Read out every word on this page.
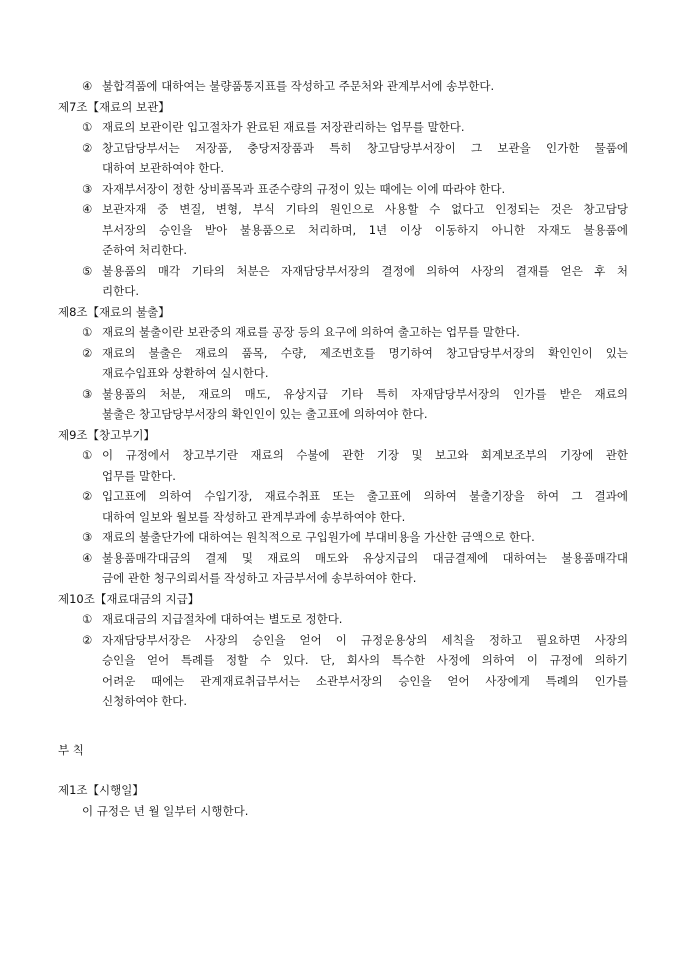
④ 불합격품에 대하여는 불량품통지표를 작성하고 주문처와 관계부서에 송부한다.
제7조【재료의 보관】
① 재료의 보관이란 입고절차가 완료된 재료를 저장관리하는 업무를 말한다.
② 창고담당부서는 저장품, 충당저장품과 특히 창고담당부서장이 그 보관을 인가한 물품에
대하여 보관하여야 한다.
③ 자재부서장이 정한 상비품목과 표준수량의 규정이 있는 때에는 이에 따라야 한다.
④ 보관자재 중 변질, 변형, 부식 기타의 원인으로 사용할 수 없다고 인정되는 것은 창고담당
부서장의 승인을 받아 불용품으로 처리하며, 1년 이상 이동하지 아니한 자재도 불용품에
준하여 처리한다.
⑤ 불용품의 매각 기타의 처분은 자재담당부서장의 결정에 의하여 사장의 결재를 얻은 후 처
리한다.
제8조【재료의 불출】
① 재료의 불출이란 보관중의 재료를 공장 등의 요구에 의하여 출고하는 업무를 말한다.
② 재료의 불출은 재료의 품목, 수량, 제조번호를 명기하여 창고담당부서장의 확인인이 있는
재료수입표와 상환하여 실시한다.
③ 불용품의 처분, 재료의 매도, 유상지급 기타 특히 자재담당부서장의 인가를 받은 재료의
불출은 창고담당부서장의 확인인이 있는 출고표에 의하여야 한다.
제9조【창고부기】
① 이 규정에서 창고부기란 재료의 수불에 관한 기장 및 보고와 회계보조부의 기장에 관한
업무를 말한다.
② 입고표에 의하여 수입기장, 재료수취표 또는 출고표에 의하여 불출기장을 하여 그 결과에
대하여 일보와 월보를 작성하고 관계부과에 송부하여야 한다.
③ 재료의 불출단가에 대하여는 원칙적으로 구입원가에 부대비용을 가산한 금액으로 한다.
④ 불용품매각대금의 결제 및 재료의 매도와 유상지급의 대금결제에 대하여는 불용품매각대
금에 관한 청구의뢰서를 작성하고 자금부서에 송부하여야 한다.
제10조【재료대금의 지급】
① 재료대금의 지급절차에 대하여는 별도로 정한다.
② 자재담당부서장은 사장의 승인을 얻어 이 규정운용상의 세칙을 정하고 필요하면 사장의
승인을 얻어 특례를 정할 수 있다. 단, 회사의 특수한 사정에 의하여 이 규정에 의하기
어려운 때에는 관계재료취급부서는 소관부서장의 승인을 얻어 사장에게 특례의 인가를
신청하여야 한다.
부 칙
제1조【시행일】
이 규정은 년 월 일부터 시행한다.
